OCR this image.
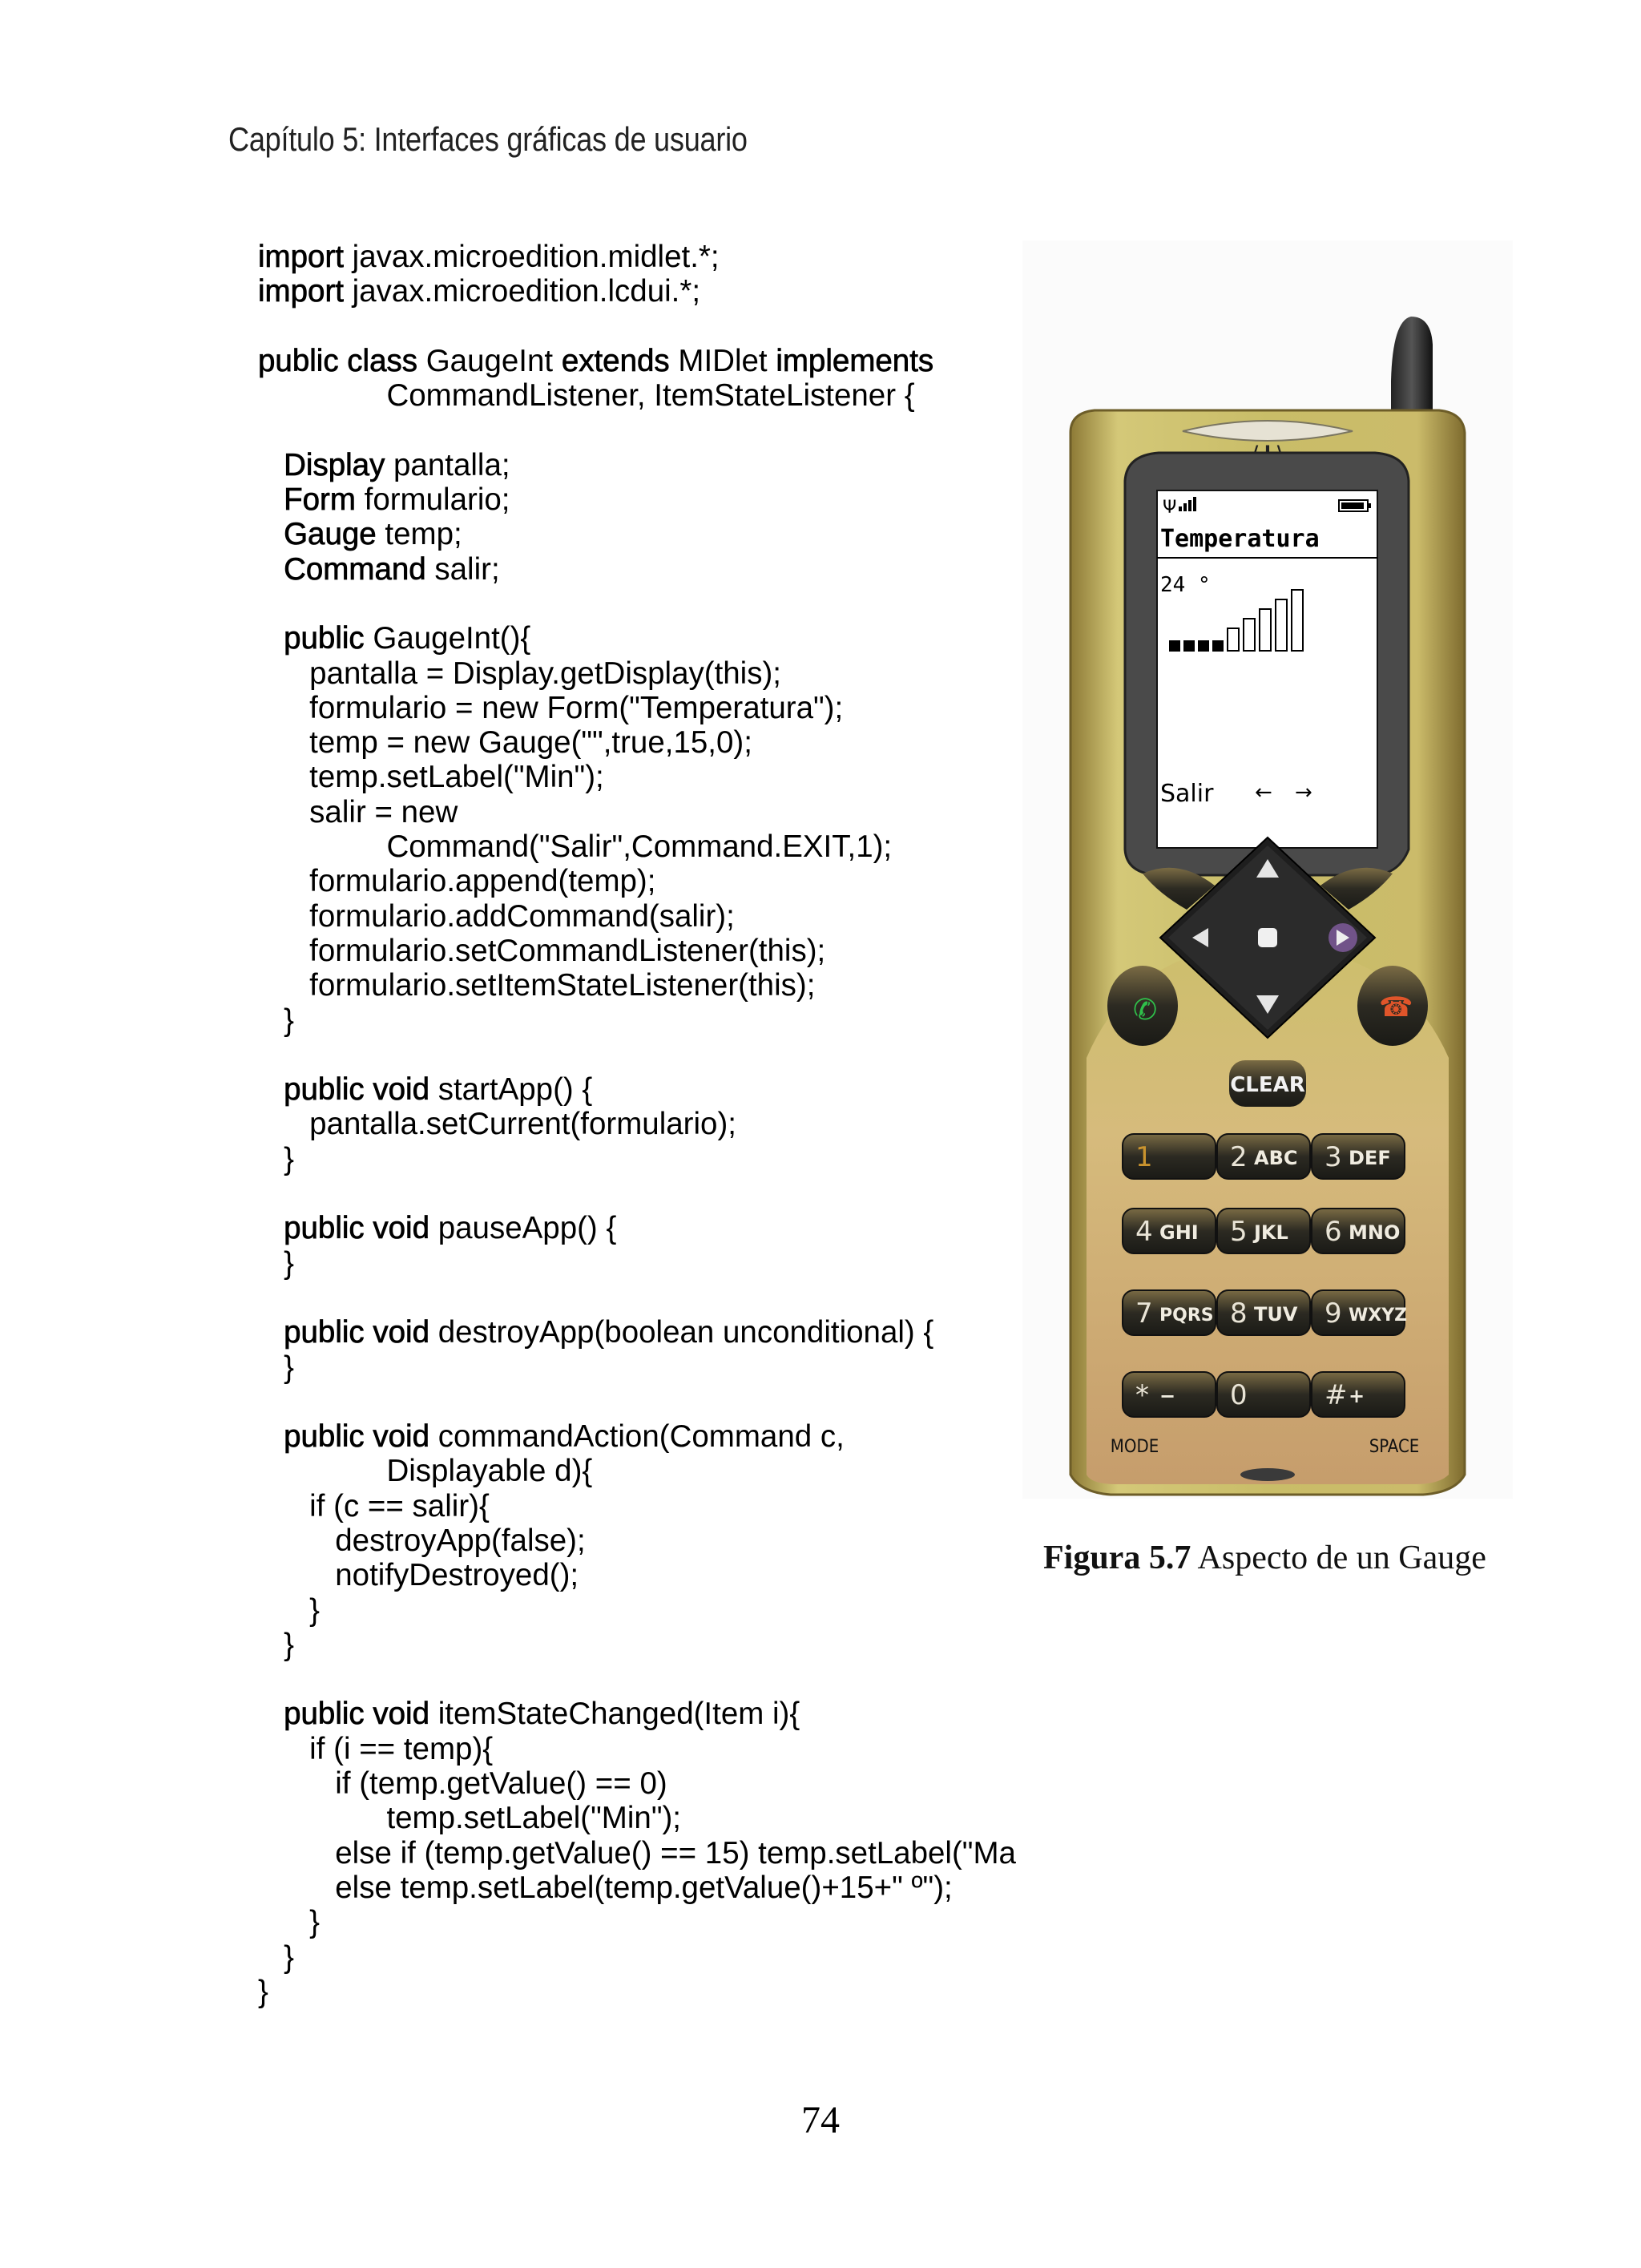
Capítulo 5: Interfaces gráficas de usuario
import javax.microedition.midlet.*;
import javax.microedition.lcdui.*;

public class GaugeInt extends MIDlet implements
CommandListener, ItemStateListener {

Display pantalla;
Form formulario;
Gauge temp;
Command salir;

public GaugeInt(){
pantalla = Display.getDisplay(this);
formulario = new Form("Temperatura");
temp = new Gauge("",true,15,0);
temp.setLabel("Min");
salir = new
Command("Salir",Command.EXIT,1);
formulario.append(temp);
formulario.addCommand(salir);
formulario.setCommandListener(this);
formulario.setItemStateListener(this);
}

public void startApp() {
pantalla.setCurrent(formulario);
}

public void pauseApp() {
}

public void destroyApp(boolean unconditional) {
}

public void commandAction(Command c,
Displayable d){
if (c == salir){
destroyApp(false);
notifyDestroyed();
}
}

public void itemStateChanged(Item i){
if (i == temp){
if (temp.getValue() == 0)
temp.setLabel("Min");
else if (temp.getValue() == 15) temp.setLabel("Ma
else temp.setLabel(temp.getValue()+15+" º");
}
}
}
Ψ
Temperatura
24 °
Salir ← →
✆	☎
CLEAR
1	2 ABC 3 DEF
4 GHI 5 JKL 6 MNO
7 PQRS 8 TUV 9 WXYZ
* − 0	# +
MODE	SPACE
Figura 5.7 Aspecto de un Gauge
74
